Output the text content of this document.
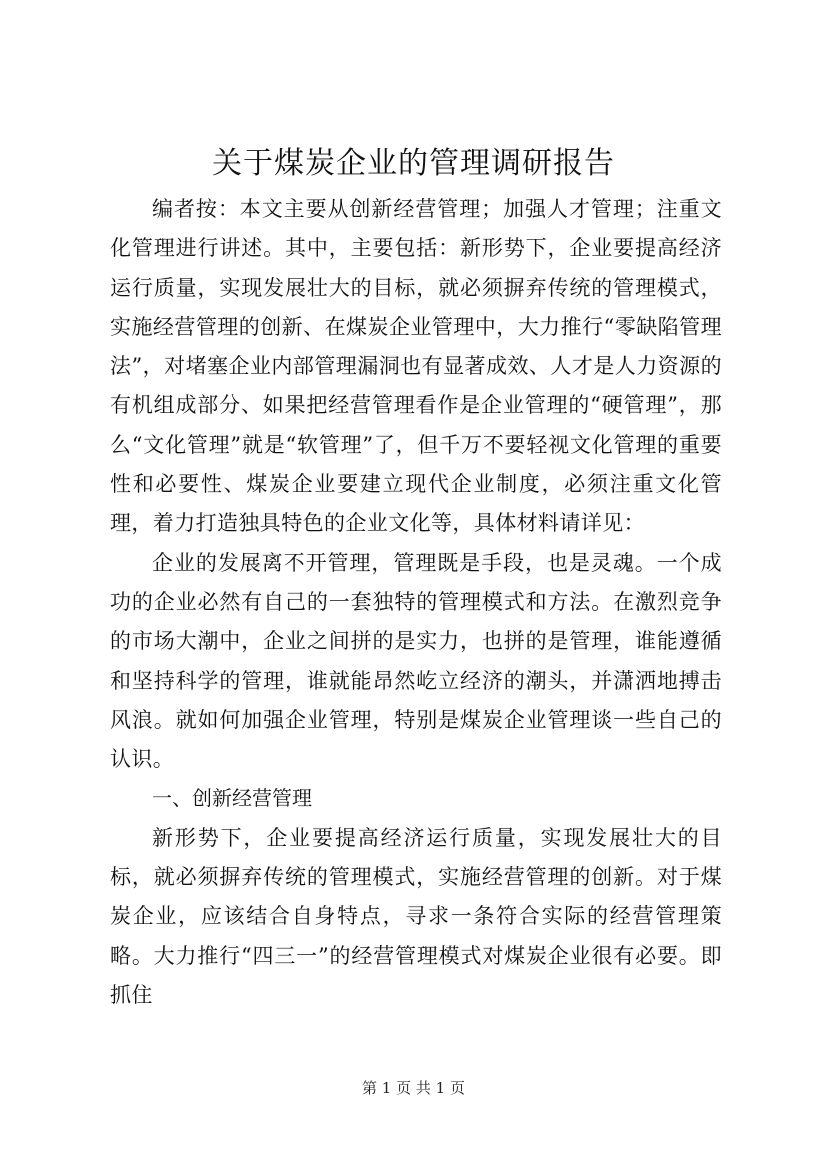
关于煤炭企业的管理调研报告

编者按：本文主要从创新经营管理；加强人才管理；注重文化管理进行讲述。其中，主要包括：新形势下，企业要提高经济运行质量，实现发展壮大的目标，就必须摒弃传统的管理模式，实施经营管理的创新、在煤炭企业管理中，大力推行“零缺陷管理法”，对堵塞企业内部管理漏洞也有显著成效、人才是人力资源的有机组成部分、如果把经营管理看作是企业管理的“硬管理”，那么“文化管理”就是“软管理”了，但千万不要轻视文化管理的重要性和必要性、煤炭企业要建立现代企业制度，必须注重文化管理，着力打造独具特色的企业文化等，具体材料请详见：

企业的发展离不开管理，管理既是手段，也是灵魂。一个成功的企业必然有自己的一套独特的管理模式和方法。在激烈竞争的市场大潮中，企业之间拼的是实力，也拼的是管理，谁能遵循和坚持科学的管理，谁就能昂然屹立经济的潮头，并潇洒地搏击风浪。就如何加强企业管理，特别是煤炭企业管理谈一些自己的认识。

一、创新经营管理

新形势下，企业要提高经济运行质量，实现发展壮大的目标，就必须摒弃传统的管理模式，实施经营管理的创新。对于煤炭企业，应该结合自身特点，寻求一条符合实际的经营管理策略。大力推行“四三一”的经营管理模式对煤炭企业很有必要。即抓住

第 1 页 共 1 页
